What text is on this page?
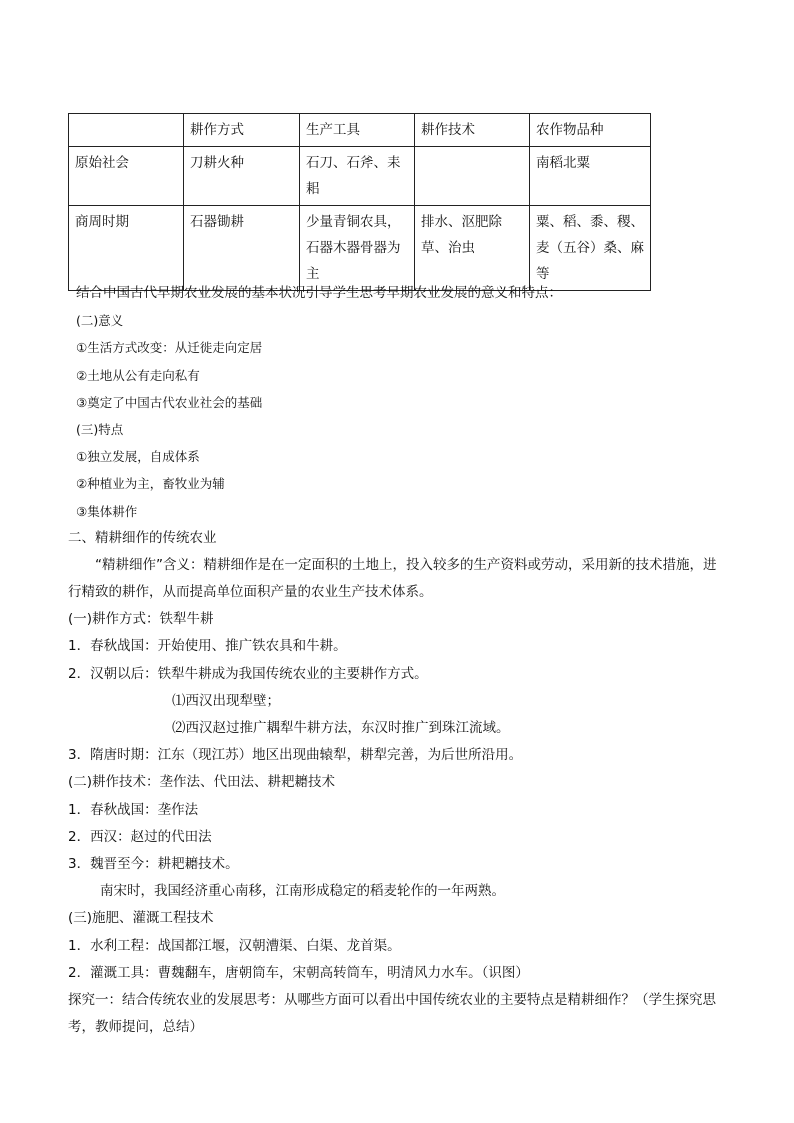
	耕作方式	生产工具	耕作技术	农作物品种
原始社会	刀耕火种	石刀、石斧、耒耜		南稻北粟
商周时期	石器锄耕	少量青铜农具，石器木器骨器为主	排水、沤肥除草、治虫	粟、稻、黍、稷、麦（五谷）桑、麻等
结合中国古代早期农业发展的基本状况引导学生思考早期农业发展的意义和特点：
(二)意义
①生活方式改变：从迁徙走向定居
②土地从公有走向私有
③奠定了中国古代农业社会的基础
(三)特点
①独立发展，自成体系
②种植业为主，畜牧业为辅
③集体耕作
二、精耕细作的传统农业
“精耕细作”含义：精耕细作是在一定面积的土地上，投入较多的生产资料或劳动，采用新的技术措施，进行精致的耕作，从而提高单位面积产量的农业生产技术体系。
(一)耕作方式：铁犁牛耕
1．春秋战国：开始使用、推广铁农具和牛耕。
2．汉朝以后：铁犁牛耕成为我国传统农业的主要耕作方式。
⑴西汉出现犁壁；
⑵西汉赵过推广耦犁牛耕方法，东汉时推广到珠江流域。
3．隋唐时期：江东（现江苏）地区出现曲辕犁，耕犁完善，为后世所沿用。
(二)耕作技术：垄作法、代田法、耕耙耱技术
1．春秋战国：垄作法
2．西汉：赵过的代田法
3．魏晋至今：耕耙耱技术。
南宋时，我国经济重心南移，江南形成稳定的稻麦轮作的一年两熟。
(三)施肥、灌溉工程技术
1．水利工程：战国都江堰，汉朝漕渠、白渠、龙首渠。
2．灌溉工具：曹魏翻车，唐朝筒车，宋朝高转筒车，明清风力水车。（识图）
探究一：结合传统农业的发展思考：从哪些方面可以看出中国传统农业的主要特点是精耕细作？（学生探究思考，教师提问，总结）
